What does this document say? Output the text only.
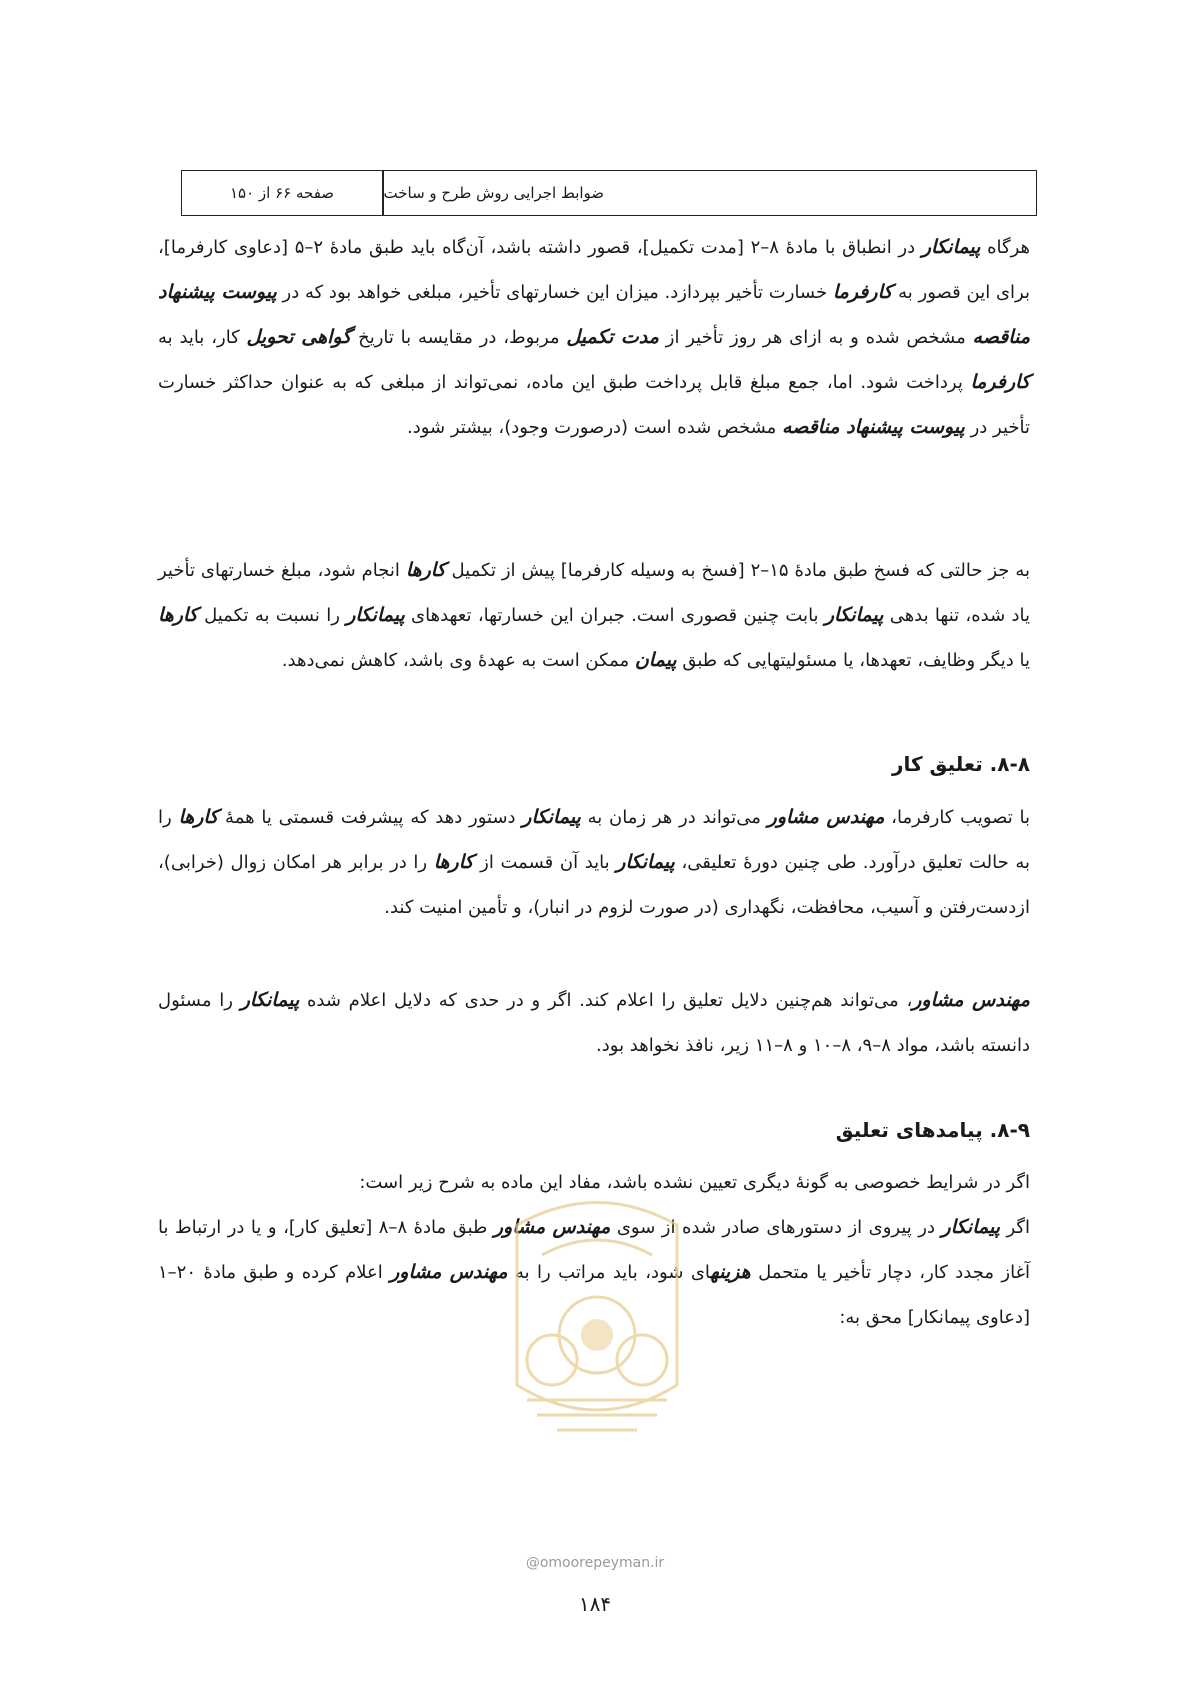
ضوابط اجرایی روش طرح و ساخت
صفحه ۶۶ از ۱۵۰
هرگاه پیمانکار در انطباق با مادهٔ ۸–۲ [مدت تکمیل]، قصور داشته باشد، آن‌گاه باید طبق مادهٔ ۲–۵ [دعاوی کارفرما]، برای این قصور به کارفرما خسارت تأخیر بپردازد. میزان این خسارتهای تأخیر، مبلغی خواهد بود که در پیوست پیشنهاد مناقصه مشخص شده و به ازای هر روز تأخیر از مدت تکمیل مربوط، در مقایسه با تاریخ گواهی تحویل کار، باید به کارفرما پرداخت شود. اما، جمع مبلغ قابل پرداخت طبق این ماده، نمی‌تواند از مبلغی که به عنوان حداکثر خسارت تأخیر در پیوست پیشنهاد مناقصه مشخص شده است (درصورت وجود)، بیشتر شود.
به جز حالتی که فسخ طبق مادهٔ ۱۵–۲ [فسخ به وسیله کارفرما] پیش از تکمیل کارها انجام شود، مبلغ خسارتهای تأخیر یاد شده، تنها بدهی پیمانکار بابت چنین قصوری است. جبران این خسارتها، تعهدهای پیمانکار را نسبت به تکمیل کارها یا دیگر وظایف، تعهدها، یا مسئولیتهایی که طبق پیمان ممکن است به عهدهٔ وی باشد، کاهش نمی‌دهد.
۸-۸. تعلیق کار
با تصویب کارفرما، مهندس مشاور می‌تواند در هر زمان به پیمانکار دستور دهد که پیشرفت قسمتی یا همهٔ کارها را به حالت تعلیق درآورد. طی چنین دورهٔ تعلیقی، پیمانکار باید آن قسمت از کارها را در برابر هر امکان زوال (خرابی)، ازدست‌رفتن و آسیب، محافظت، نگهداری (در صورت لزوم در انبار)، و تأمین امنیت کند.
مهندس مشاور، می‌تواند هم‌چنین دلایل تعلیق را اعلام کند. اگر و در حدی که دلایل اعلام شده پیمانکار را مسئول دانسته باشد، مواد ۸–۹، ۸–۱۰ و ۸–۱۱ زیر، نافذ نخواهد بود.
۸-۹. پیامدهای تعلیق
اگر در شرایط خصوصی به گونهٔ دیگری تعیین نشده باشد، مفاد این ماده به شرح زیر است:
اگر پیمانکار در پیروی از دستورهای صادر شده از سوی مهندس مشاور طبق مادهٔ ۸–۸ [تعلیق کار]، و یا در ارتباط با آغاز مجدد کار، دچار تأخیر یا متحمل هزینهای شود، باید مراتب را به مهندس مشاور اعلام کرده و طبق مادهٔ ۲۰–۱ [دعاوی پیمانکار] محق به:
@omoorepeyman.ir
۱۸۴
